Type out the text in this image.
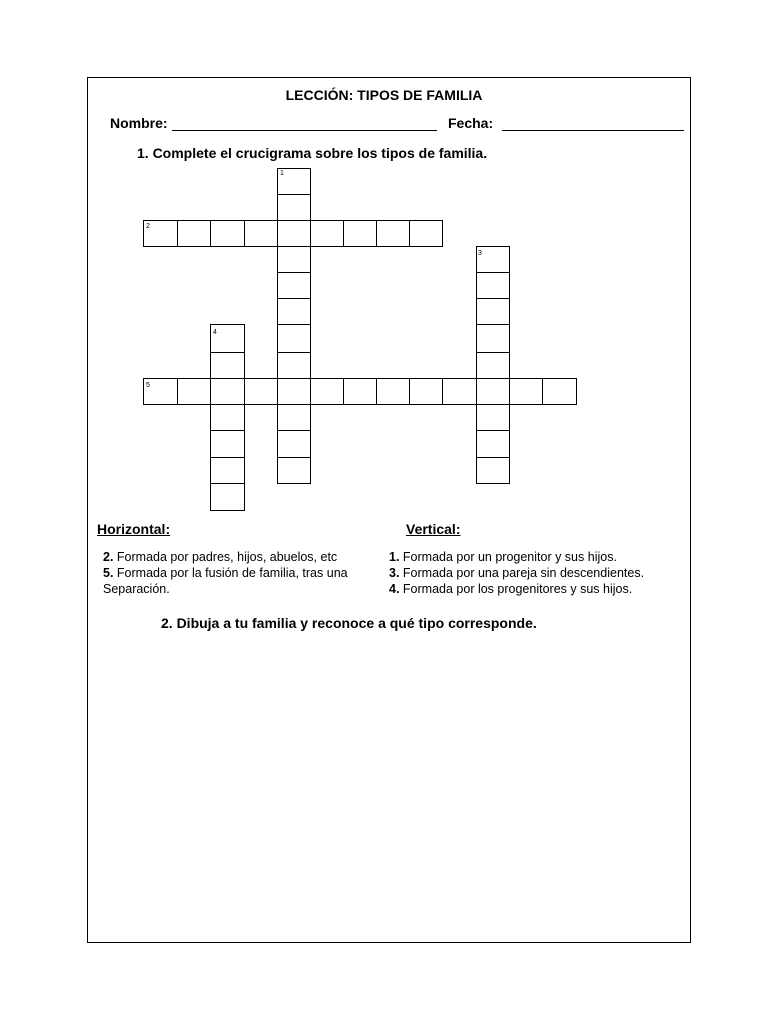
LECCIÓN: TIPOS DE FAMILIA
Nombre:	Fecha:
1. Complete el crucigrama sobre los tipos de familia.
1
2
3
4
5
Horizontal:	Vertical:
2. Formada por padres, hijos, abuelos, etc
5. Formada por la fusión de familia, tras una
Separación.
1. Formada por un progenitor y sus hijos.
3. Formada por una pareja sin descendientes.
4. Formada por los progenitores y sus hijos.
2. Dibuja a tu familia y reconoce a qué tipo corresponde.
